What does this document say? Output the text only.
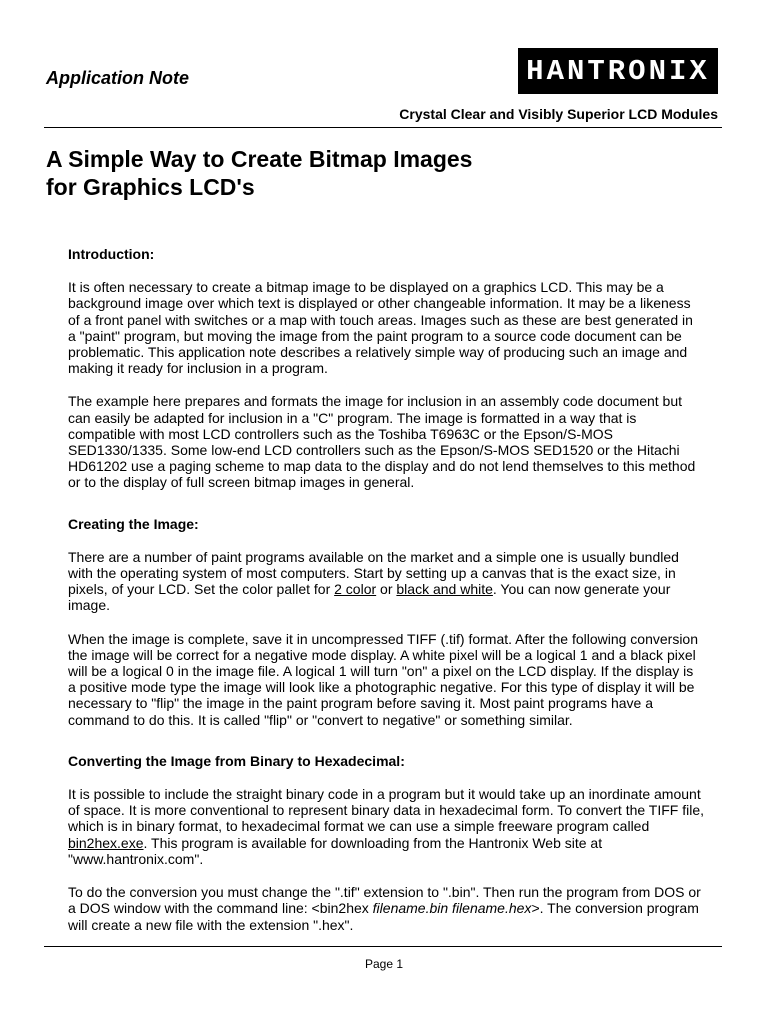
Application Note	HANTRONIX
Crystal Clear and Visibly Superior LCD Modules
A Simple Way to Create Bitmap Images
for Graphics LCD's
Introduction:

It is often necessary to create a bitmap image to be displayed on a graphics LCD. This may be a background image over which text is displayed or other changeable information. It may be a likeness of a front panel with switches or a map with touch areas. Images such as these are best generated in a "paint" program, but moving the image from the paint program to a source code document can be problematic. This application note describes a relatively simple way of producing such an image and making it ready for inclusion in a program.

The example here prepares and formats the image for inclusion in an assembly code document but can easily be adapted for inclusion in a "C" program. The image is formatted in a way that is compatible with most LCD controllers such as the Toshiba T6963C or the Epson/S-MOS SED1330/1335. Some low-end LCD controllers such as the Epson/S-MOS SED1520 or the Hitachi HD61202 use a paging scheme to map data to the display and do not lend themselves to this method or to the display of full screen bitmap images in general.

Creating the Image:

There are a number of paint programs available on the market and a simple one is usually bundled with the operating system of most computers. Start by setting up a canvas that is the exact size, in pixels, of your LCD. Set the color pallet for 2 color or black and white. You can now generate your image.

When the image is complete, save it in uncompressed TIFF (.tif) format. After the following conversion the image will be correct for a negative mode display. A white pixel will be a logical 1 and a black pixel will be a logical 0 in the image file. A logical 1 will turn "on" a pixel on the LCD display. If the display is a positive mode type the image will look like a photographic negative. For this type of display it will be necessary to "flip" the image in the paint program before saving it. Most paint programs have a command to do this. It is called "flip" or "convert to negative" or something similar.

Converting the Image from Binary to Hexadecimal:

It is possible to include the straight binary code in a program but it would take up an inordinate amount of space. It is more conventional to represent binary data in hexadecimal form. To convert the TIFF file, which is in binary format, to hexadecimal format we can use a simple freeware program called bin2hex.exe. This program is available for downloading from the Hantronix Web site at "www.hantronix.com".

To do the conversion you must change the ".tif" extension to ".bin". Then run the program from DOS or a DOS window with the command line: <bin2hex filename.bin filename.hex>. The conversion program will create a new file with the extension ".hex".

Page 1
